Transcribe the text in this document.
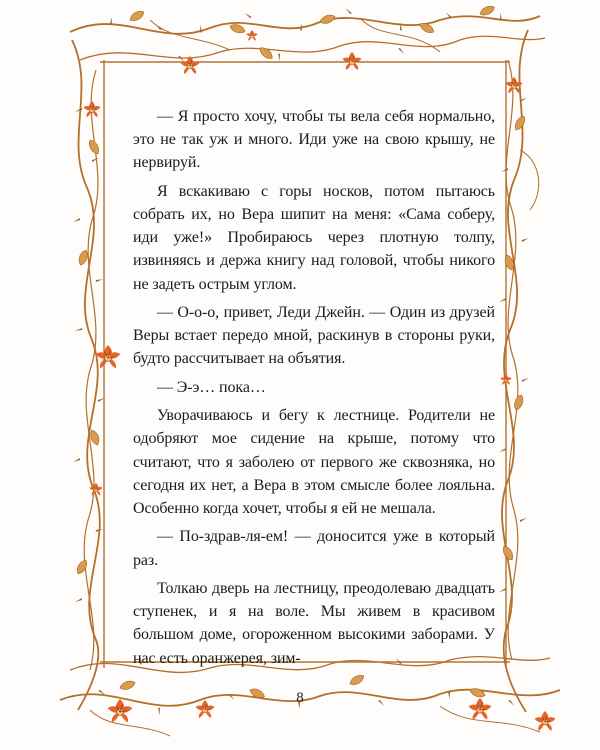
— Я просто хочу, чтобы ты вела себя нормально, это не так уж и много. Иди уже на свою крышу, не нервируй.

Я вскакиваю с горы носков, потом пытаюсь собрать их, но Вера шипит на меня: «Сама соберу, иди уже!» Пробираюсь через плотную толпу, извиняясь и держа книгу над головой, чтобы никого не задеть острым углом.

— О-о-о, привет, Леди Джейн. — Один из друзей Веры встает передо мной, раскинув в стороны руки, будто рассчитывает на объятия.

— Э-э… пока…

Уворачиваюсь и бегу к лестнице. Родители не одобряют мое сидение на крыше, потому что считают, что я заболею от первого же сквозняка, но сегодня их нет, а Вера в этом смысле более лояльна. Особенно когда хочет, чтобы я ей не мешала.

— По-здрав-ля-ем! — доносится уже в который раз.

Толкаю дверь на лестницу, преодолеваю двадцать ступенек, и я на воле. Мы живем в красивом большом доме, огороженном высокими заборами. У нас есть оранжерея, зим-

8
